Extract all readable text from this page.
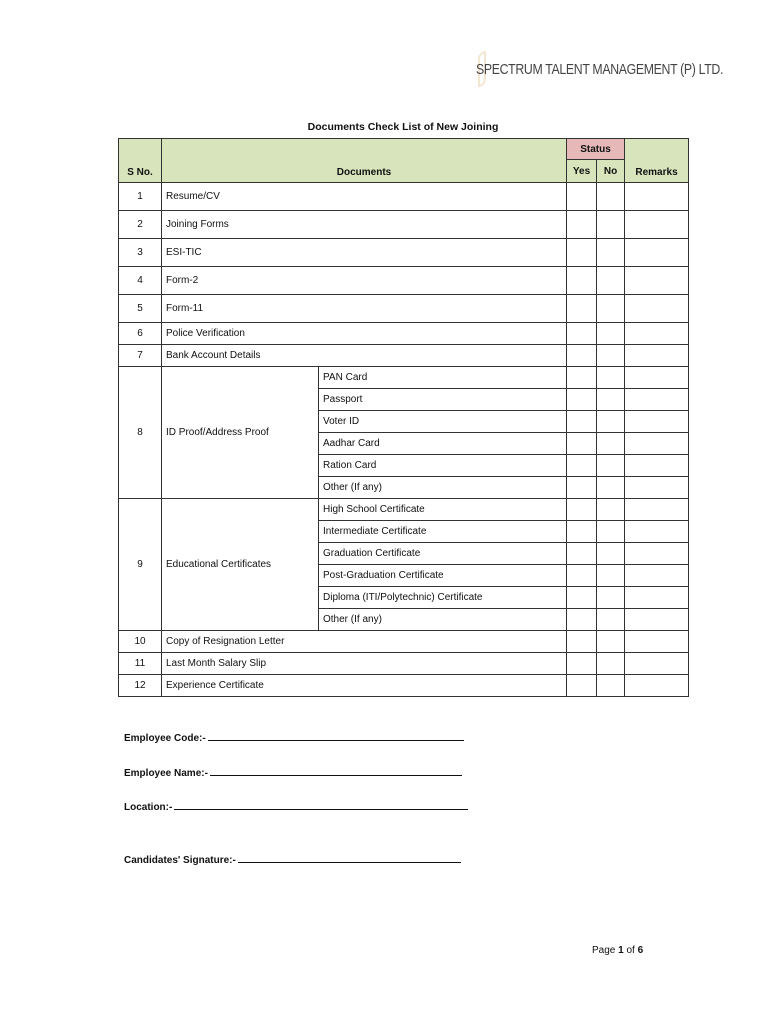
SPECTRUM TALENT MANAGEMENT (P) LTD.
Documents Check List of New Joining
S No.	Documents		Status		Remarks
			Yes	No	
1	Resume/CV				
2	Joining Forms				
3	ESI-TIC				
4	Form-2				
5	Form-11				
6	Police Verification				
7	Bank Account Details				
8	ID Proof/Address Proof	PAN Card			
		Passport			
		Voter ID			
		Aadhar Card			
		Ration Card			
		Other (If any)			
9	Educational Certificates	High School Certificate			
		Intermediate Certificate			
		Graduation Certificate			
		Post-Graduation Certificate			
		Diploma (ITI/Polytechnic) Certificate			
		Other (If any)			
10	Copy of Resignation Letter				
11	Last Month Salary Slip				
12	Experience Certificate				
Employee Code:-
Employee Name:-
Location:-
Candidates' Signature:-
Page 1 of 6
